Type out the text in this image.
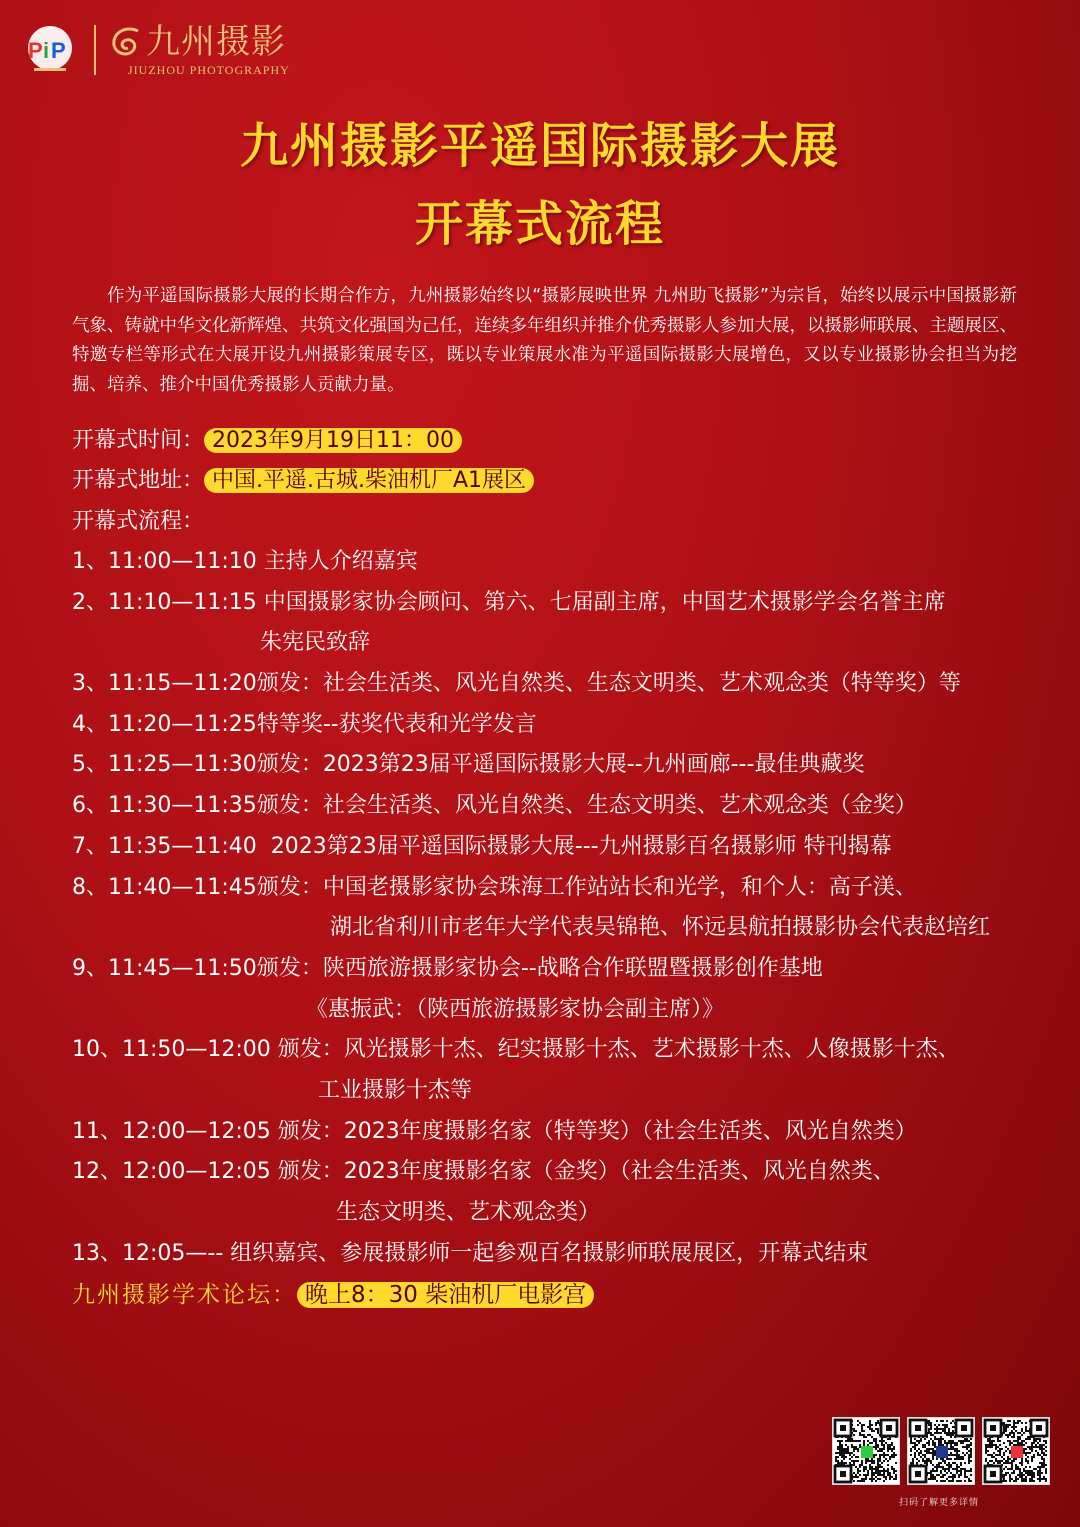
P i P 九州摄影
JIUZHOU PHOTOGRAPHY
九州摄影平遥国际摄影大展
开幕式流程

作为平遥国际摄影大展的长期合作方，九州摄影始终以“摄影展映世界 九州助飞摄影”为宗旨，始终以展示中国摄影新气象、铸就中华文化新辉煌、共筑文化强国为己任，连续多年组织并推介优秀摄影人参加大展，以摄影师联展、主题展区、特邀专栏等形式在大展开设九州摄影策展专区，既以专业策展水准为平遥国际摄影大展增色，又以专业摄影协会担当为挖掘、培养、推介中国优秀摄影人贡献力量。

开幕式时间： 2023年9月19日11：00
开幕式地址： 中国.平遥.古城.柴油机厂A1展区
开幕式流程：
1、11:00—11:10 主持人介绍嘉宾
2、11:10—11:15 中国摄影家协会顾问、第六、七届副主席，中国艺术摄影学会名誉主席
朱宪民致辞
3、11:15—11:20颁发：社会生活类、风光自然类、生态文明类、艺术观念类（特等奖）等
4、11:20—11:25特等奖--获奖代表和光学发言
5、11:25—11:30颁发：2023第23届平遥国际摄影大展--九州画廊---最佳典藏奖
6、11:30—11:35颁发：社会生活类、风光自然类、生态文明类、艺术观念类（金奖）
7、11:35—11:40  2023第23届平遥国际摄影大展---九州摄影百名摄影师 特刊揭幕
8、11:40—11:45颁发：中国老摄影家协会珠海工作站站长和光学，和个人：高子渼、
湖北省利川市老年大学代表吴锦艳、怀远县航拍摄影协会代表赵培红
9、11:45—11:50颁发：陕西旅游摄影家协会--战略合作联盟暨摄影创作基地
《惠振武：（陕西旅游摄影家协会副主席）》
10、11:50—12:00 颁发：风光摄影十杰、纪实摄影十杰、艺术摄影十杰、人像摄影十杰、
工业摄影十杰等
11、12:00—12:05 颁发：2023年度摄影名家（特等奖）（社会生活类、风光自然类）
12、12:00—12:05 颁发：2023年度摄影名家（金奖）（社会生活类、风光自然类、
生态文明类、艺术观念类）
13、12:05—-- 组织嘉宾、参展摄影师一起参观百名摄影师联展展区，开幕式结束
九州摄影学术论坛： 晚上8：30 柴油机厂电影宫
扫码了解更多详情
